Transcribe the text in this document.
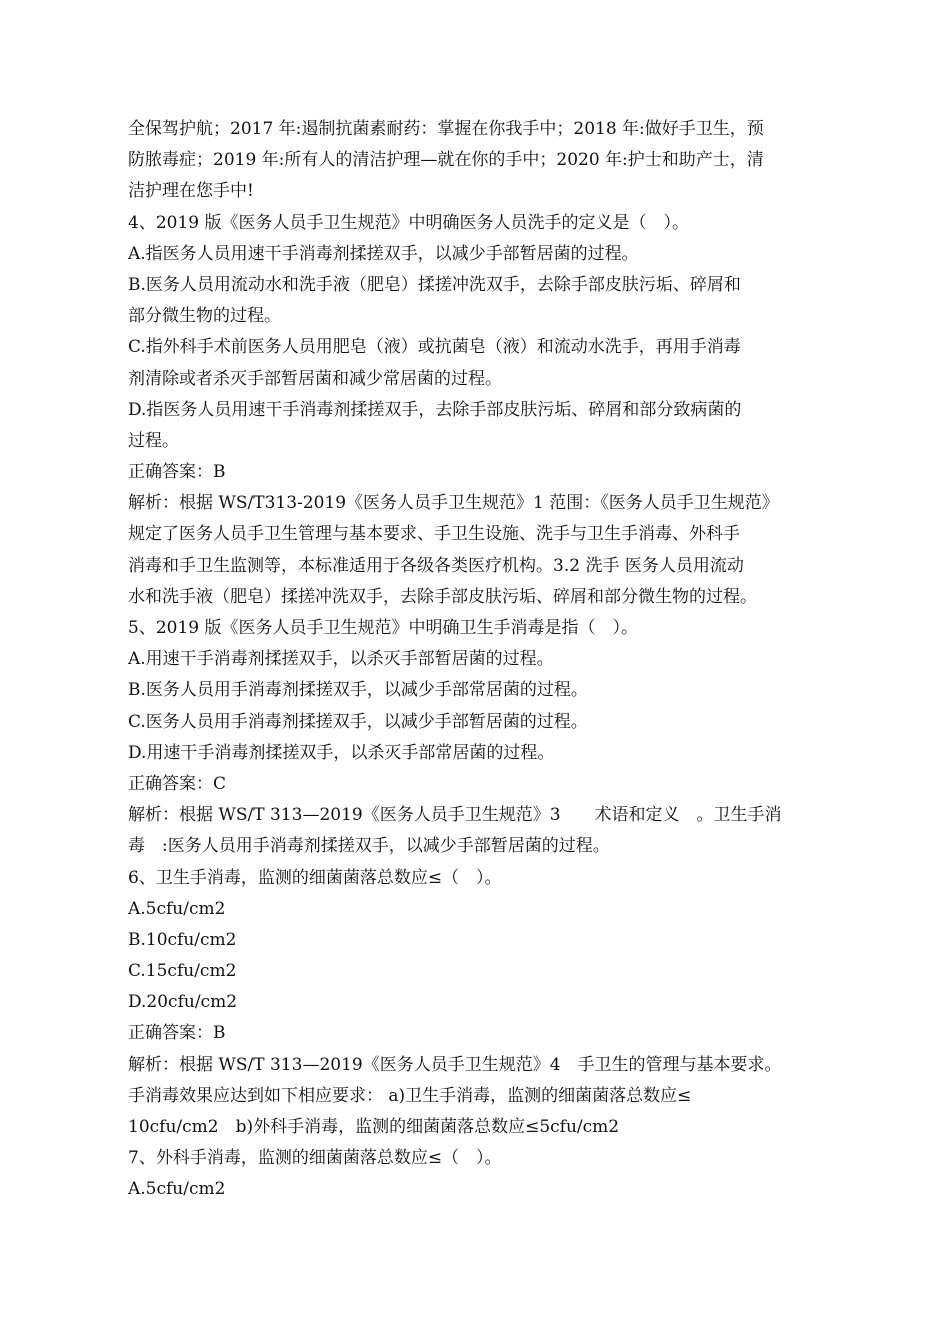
全保驾护航；2017 年:遏制抗菌素耐药：掌握在你我手中；2018 年:做好手卫生，预
防脓毒症；2019 年:所有人的清洁护理—就在你的手中；2020 年:护士和助产士，清
洁护理在您手中!
4、2019 版《医务人员手卫生规范》中明确医务人员洗手的定义是（　）。
A.指医务人员用速干手消毒剂揉搓双手，以减少手部暂居菌的过程。
B.医务人员用流动水和洗手液（肥皂）揉搓冲洗双手，去除手部皮肤污垢、碎屑和
部分微生物的过程。
C.指外科手术前医务人员用肥皂（液）或抗菌皂（液）和流动水洗手，再用手消毒
剂清除或者杀灭手部暂居菌和减少常居菌的过程。
D.指医务人员用速干手消毒剂揉搓双手，去除手部皮肤污垢、碎屑和部分致病菌的
过程。
正确答案：B
解析：根据 WS/T313-2019《医务人员手卫生规范》1 范围：《医务人员手卫生规范》
规定了医务人员手卫生管理与基本要求、手卫生设施、洗手与卫生手消毒、外科手
消毒和手卫生监测等，本标准适用于各级各类医疗机构。3.2 洗手 医务人员用流动
水和洗手液（肥皂）揉搓冲洗双手，去除手部皮肤污垢、碎屑和部分微生物的过程。
5、2019 版《医务人员手卫生规范》中明确卫生手消毒是指（　）。
A.用速干手消毒剂揉搓双手，以杀灭手部暂居菌的过程。
B.医务人员用手消毒剂揉搓双手，以减少手部常居菌的过程。
C.医务人员用手消毒剂揉搓双手，以减少手部暂居菌的过程。
D.用速干手消毒剂揉搓双手，以杀灭手部常居菌的过程。
正确答案：C
解析：根据 WS/T 313—2019《医务人员手卫生规范》3　　术语和定义　。卫生手消
毒　:医务人员用手消毒剂揉搓双手，以减少手部暂居菌的过程。
6、卫生手消毒，监测的细菌菌落总数应≤（　）。
A.5cfu/cm2
B.10cfu/cm2
C.15cfu/cm2
D.20cfu/cm2
正确答案：B
解析：根据 WS/T 313—2019《医务人员手卫生规范》4　手卫生的管理与基本要求。
手消毒效果应达到如下相应要求： a)卫生手消毒，监测的细菌菌落总数应≤
10cfu/cm2　b)外科手消毒，监测的细菌菌落总数应≤5cfu/cm2
7、外科手消毒，监测的细菌菌落总数应≤（　）。
A.5cfu/cm2
